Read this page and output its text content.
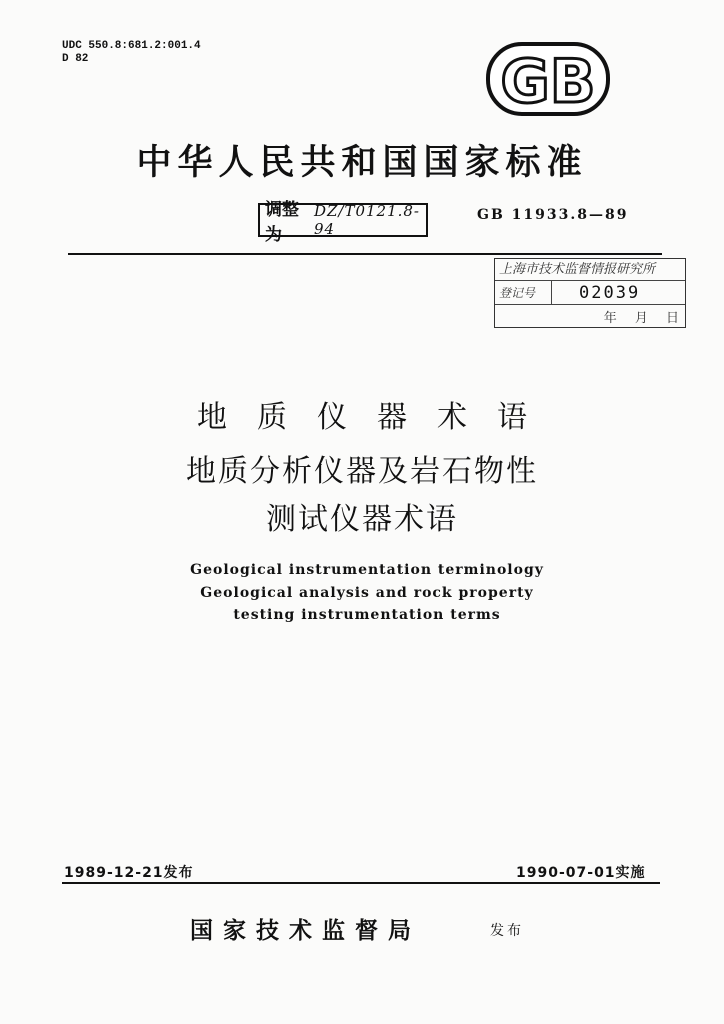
UDC 550.8:681.2:001.4
D 82	GB
中华人民共和国国家标准
调整为
DZ/T0121.8-94
GB 11933.8—89
上海市技术监督情报研究所
登记号	02039
年 月 日
地质仪器术语
地质分析仪器及岩石物性
测试仪器术语
Geological instrumentation terminology
Geological analysis and rock property
testing instrumentation terms
1989-12-21发布	1990-07-01实施
国家技术监督局	发布
